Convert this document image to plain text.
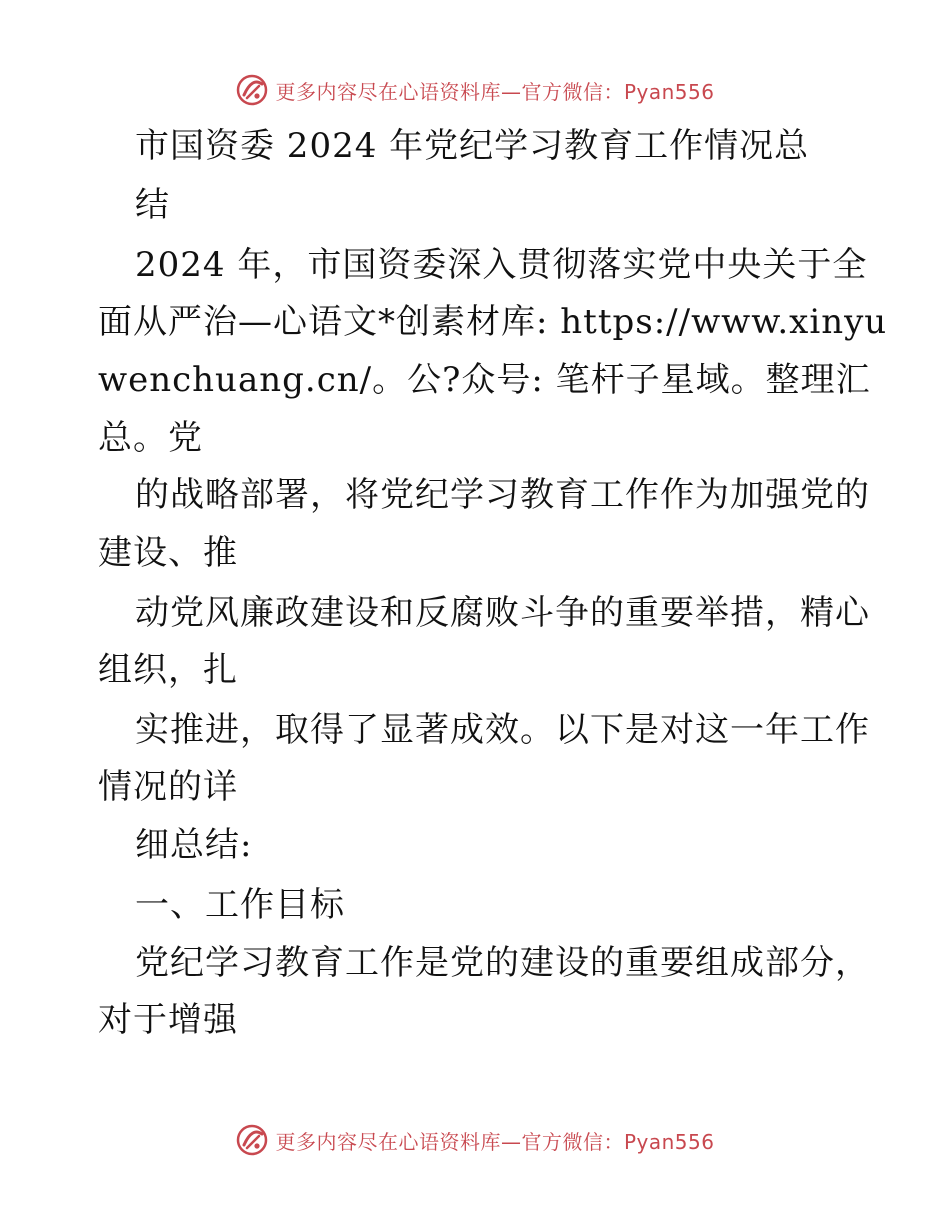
更多内容尽在心语资料库—官方微信：Pyan556
市国资委 2024 年党纪学习教育工作情况总
结
2024 年，市国资委深入贯彻落实党中央关于全
面从严治—心语文*创素材库: https://www.xinyu
wenchuang.cn/。公?众号: 笔杆子星域。整理汇
总。党
的战略部署，将党纪学习教育工作作为加强党的
建设、推
动党风廉政建设和反腐败斗争的重要举措，精心
组织，扎
实推进，取得了显著成效。以下是对这一年工作
情况的详
细总结:
一、工作目标
党纪学习教育工作是党的建设的重要组成部分，
对于增强
更多内容尽在心语资料库—官方微信：Pyan556
